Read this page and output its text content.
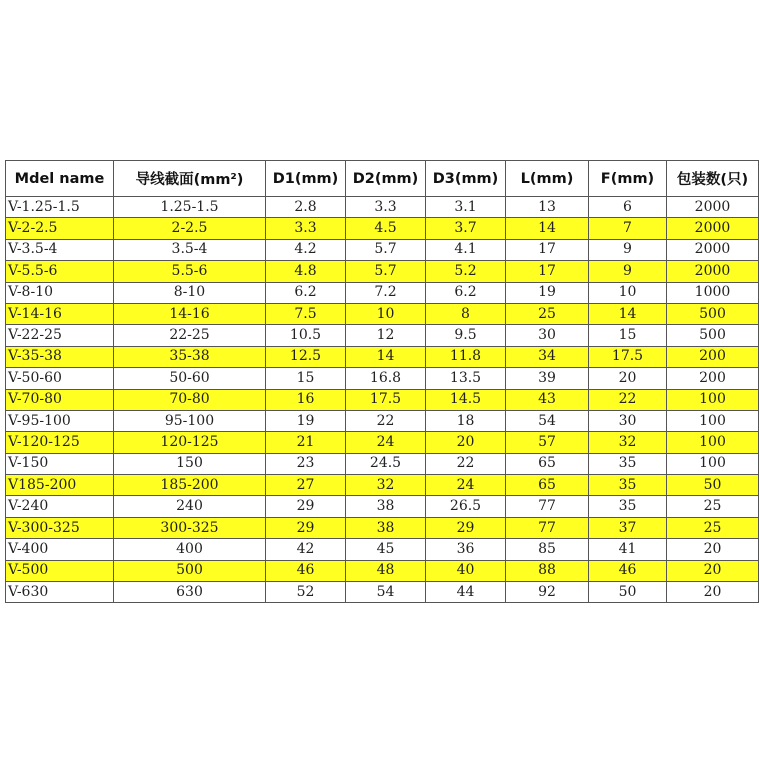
Mdel name	导线截面(mm²)	D1(mm)	D2(mm)	D3(mm)	L(mm)	F(mm)	包装数(只)
V-1.25-1.5	1.25-1.5	2.8	3.3	3.1	13	6	2000
V-2-2.5	2-2.5	3.3	4.5	3.7	14	7	2000
V-3.5-4	3.5-4	4.2	5.7	4.1	17	9	2000
V-5.5-6	5.5-6	4.8	5.7	5.2	17	9	2000
V-8-10	8-10	6.2	7.2	6.2	19	10	1000
V-14-16	14-16	7.5	10	8	25	14	500
V-22-25	22-25	10.5	12	9.5	30	15	500
V-35-38	35-38	12.5	14	11.8	34	17.5	200
V-50-60	50-60	15	16.8	13.5	39	20	200
V-70-80	70-80	16	17.5	14.5	43	22	100
V-95-100	95-100	19	22	18	54	30	100
V-120-125	120-125	21	24	20	57	32	100
V-150	150	23	24.5	22	65	35	100
V185-200	185-200	27	32	24	65	35	50
V-240	240	29	38	26.5	77	35	25
V-300-325	300-325	29	38	29	77	37	25
V-400	400	42	45	36	85	41	20
V-500	500	46	48	40	88	46	20
V-630	630	52	54	44	92	50	20
